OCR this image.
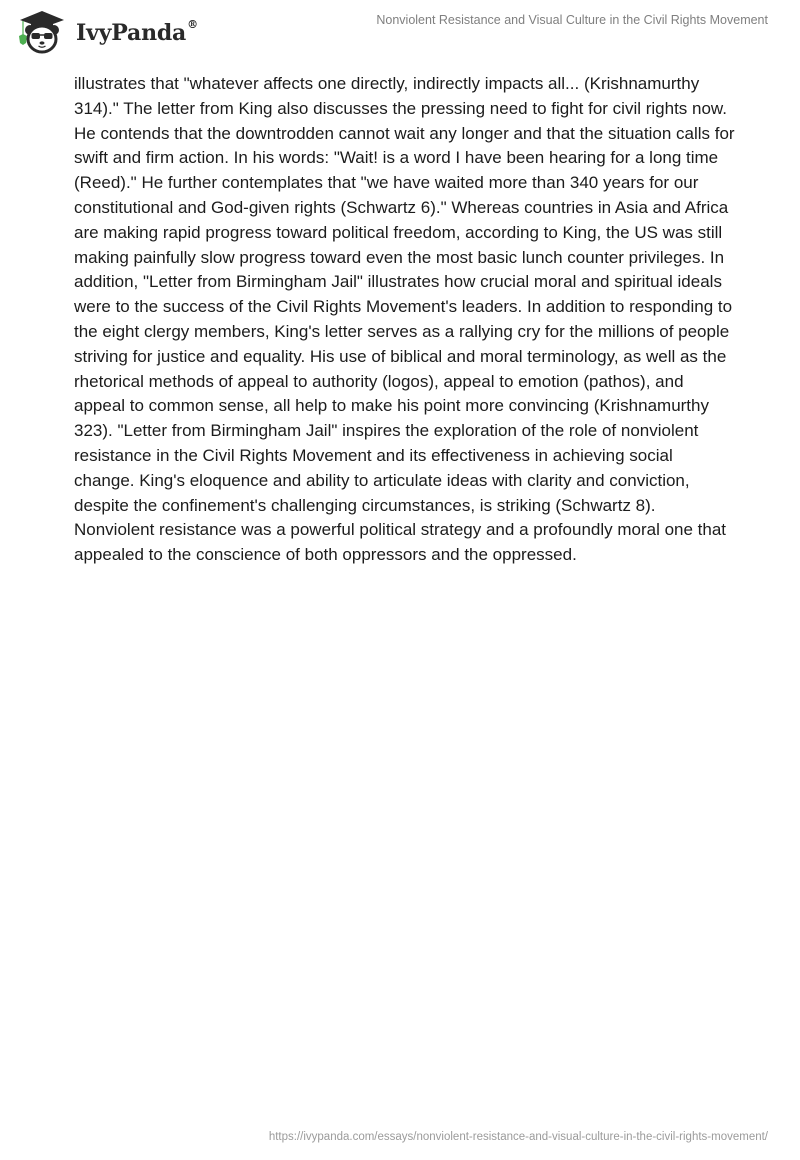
IvyPanda®	Nonviolent Resistance and Visual Culture in the Civil Rights Movement
illustrates that "whatever affects one directly, indirectly impacts all... (Krishnamurthy
314)." The letter from King also discusses the pressing need to fight for civil rights now.
He contends that the downtrodden cannot wait any longer and that the situation calls for
swift and firm action. In his words: "Wait! is a word I have been hearing for a long time
(Reed)." He further contemplates that "we have waited more than 340 years for our
constitutional and God-given rights (Schwartz 6)." Whereas countries in Asia and Africa
are making rapid progress toward political freedom, according to King, the US was still
making painfully slow progress toward even the most basic lunch counter privileges. In
addition, "Letter from Birmingham Jail" illustrates how crucial moral and spiritual ideals
were to the success of the Civil Rights Movement's leaders. In addition to responding to
the eight clergy members, King's letter serves as a rallying cry for the millions of people
striving for justice and equality. His use of biblical and moral terminology, as well as the
rhetorical methods of appeal to authority (logos), appeal to emotion (pathos), and
appeal to common sense, all help to make his point more convincing (Krishnamurthy
323). "Letter from Birmingham Jail" inspires the exploration of the role of nonviolent
resistance in the Civil Rights Movement and its effectiveness in achieving social
change. King's eloquence and ability to articulate ideas with clarity and conviction,
despite the confinement's challenging circumstances, is striking (Schwartz 8).
Nonviolent resistance was a powerful political strategy and a profoundly moral one that
appealed to the conscience of both oppressors and the oppressed.
https://ivypanda.com/essays/nonviolent-resistance-and-visual-culture-in-the-civil-rights-movement/
